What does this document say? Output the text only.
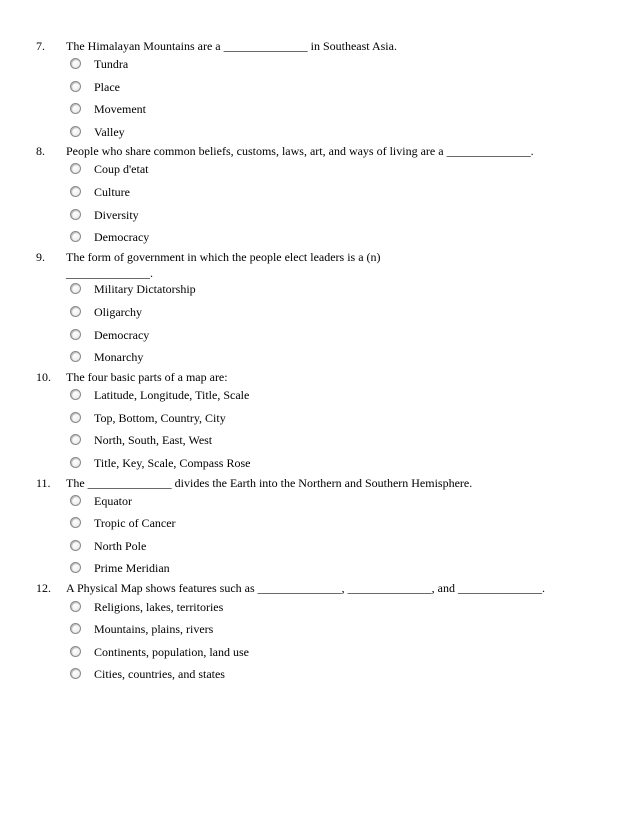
7. The Himalayan Mountains are a ______________ in Southeast Asia.
Tundra
Place
Movement
Valley
8. People who share common beliefs, customs, laws, art, and ways of living are a ______________.
Coup d'etat
Culture
Diversity
Democracy
9. The form of government in which the people elect leaders is a (n) ______________.
Military Dictatorship
Oligarchy
Democracy
Monarchy
10. The four basic parts of a map are:
Latitude, Longitude, Title, Scale
Top, Bottom, Country, City
North, South, East, West
Title, Key, Scale, Compass Rose
11. The ______________ divides the Earth into the Northern and Southern Hemisphere.
Equator
Tropic of Cancer
North Pole
Prime Meridian
12. A Physical Map shows features such as ______________, ______________, and ______________.
Religions, lakes, territories
Mountains, plains, rivers
Continents, population, land use
Cities, countries, and states
